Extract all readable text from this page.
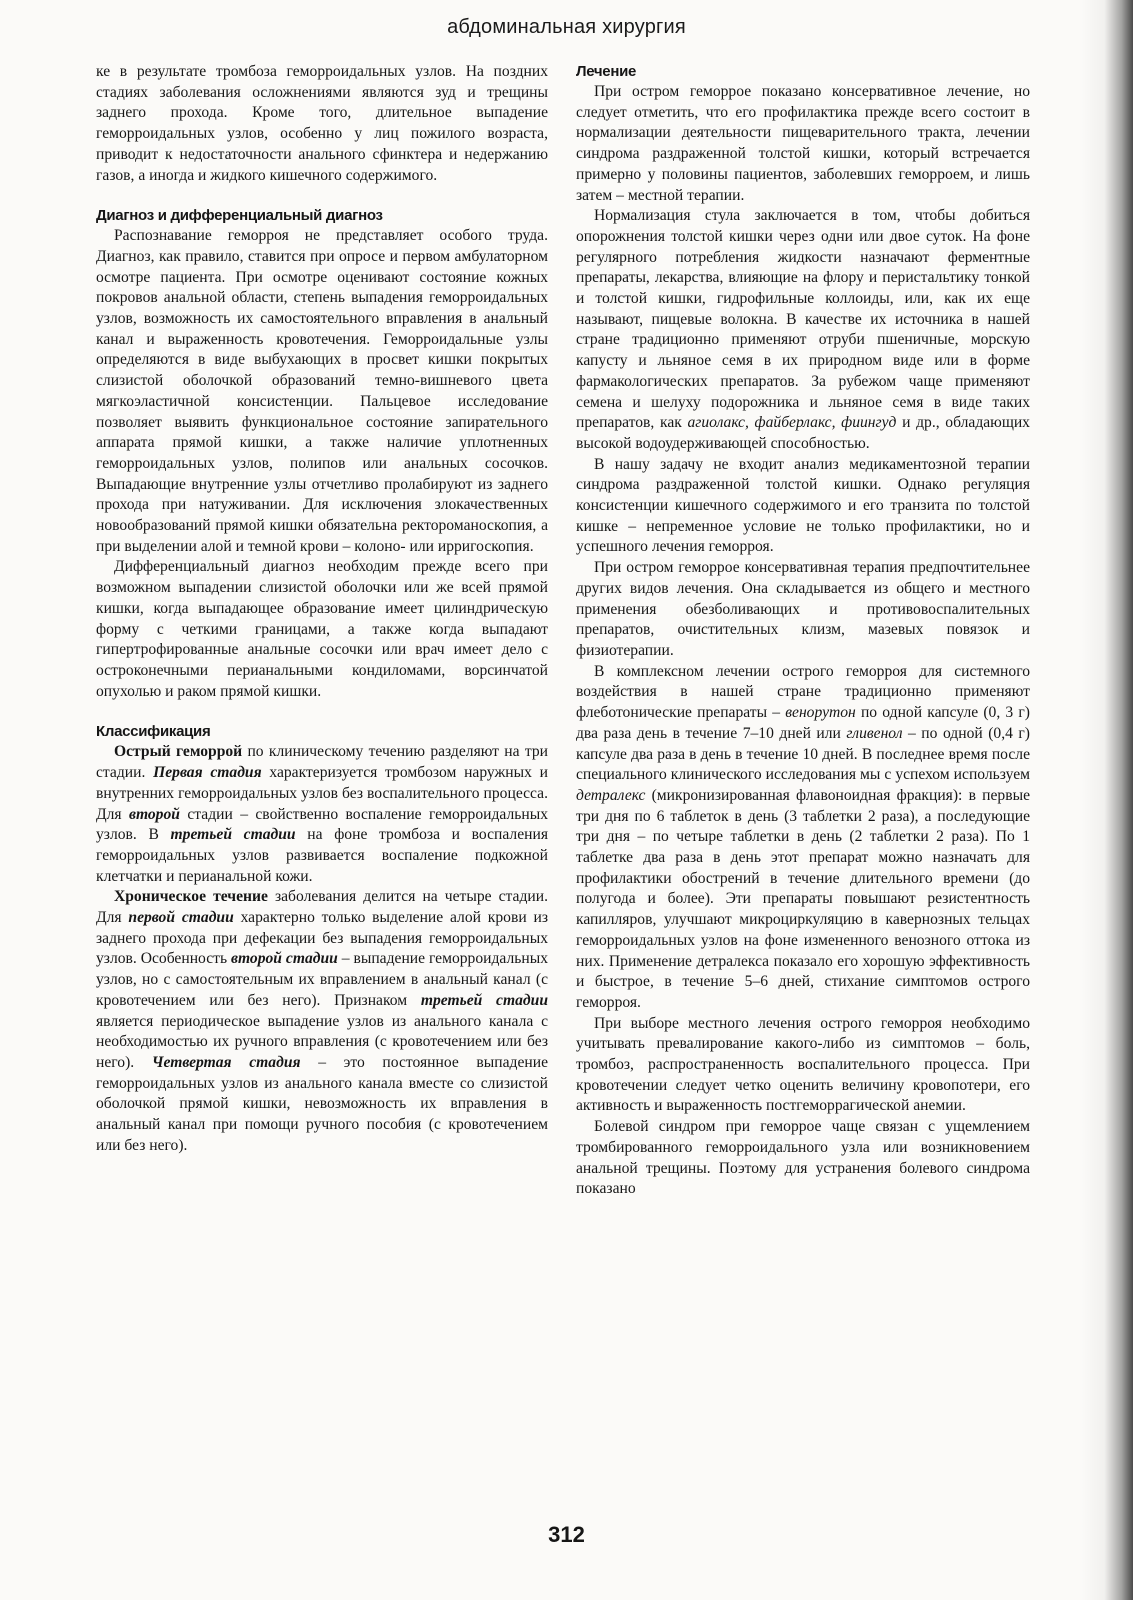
абдоминальная хирургия

ке в результате тромбоза геморроидальных узлов. На поздних стадиях заболевания осложнениями являются зуд и трещины заднего прохода. Кроме того, длительное выпадение геморроидальных узлов, особенно у лиц пожилого возраста, приводит к недостаточности анального сфинктера и недержанию газов, а иногда и жидкого кишечного содержимого.

Диагноз и дифференциальный диагноз

Распознавание геморроя не представляет особого труда. Диагноз, как правило, ставится при опросе и первом амбулаторном осмотре пациента. При осмотре оценивают состояние кожных покровов анальной области, степень выпадения геморроидальных узлов, возможность их самостоятельного вправления в анальный канал и выраженность кровотечения. Геморроидальные узлы определяются в виде выбухающих в просвет кишки покрытых слизистой оболочкой образований темно-вишневого цвета мягкоэластичной консистенции. Пальцевое исследование позволяет выявить функциональное состояние запирательного аппарата прямой кишки, а также наличие уплотненных геморроидальных узлов, полипов или анальных сосочков. Выпадающие внутренние узлы отчетливо пролабируют из заднего прохода при натуживании. Для исключения злокачественных новообразований прямой кишки обязательна ректороманоскопия, а при выделении алой и темной крови – колоно- или ирригоскопия.

Дифференциальный диагноз необходим прежде всего при возможном выпадении слизистой оболочки или же всей прямой кишки, когда выпадающее образование имеет цилиндрическую форму с четкими границами, а также когда выпадают гипертрофированные анальные сосочки или врач имеет дело с остроконечными перианальными кондиломами, ворсинчатой опухолью и раком прямой кишки.

Классификация

Острый геморрой по клиническому течению разделяют на три стадии. Первая стадия характеризуется тромбозом наружных и внутренних геморроидальных узлов без воспалительного процесса. Для второй стадии – свойственно воспаление геморроидальных узлов. В третьей стадии на фоне тромбоза и воспаления геморроидальных узлов развивается воспаление подкожной клетчатки и перианальной кожи.

Хроническое течение заболевания делится на четыре стадии. Для первой стадии характерно только выделение алой крови из заднего прохода при дефекации без выпадения геморроидальных узлов. Особенность второй стадии – выпадение геморроидальных узлов, но с самостоятельным их вправлением в анальный канал (с кровотечением или без него). Признаком третьей стадии является периодическое выпадение узлов из анального канала с необходимостью их ручного вправления (с кровотечением или без него). Четвертая стадия – это постоянное выпадение геморроидальных узлов из анального канала вместе со слизистой оболочкой прямой кишки, невозможность их вправления в анальный канал при помощи ручного пособия (с кровотечением или без него).

Лечение

При остром геморрое показано консервативное лечение, но следует отметить, что его профилактика прежде всего состоит в нормализации деятельности пищеварительного тракта, лечении синдрома раздраженной толстой кишки, который встречается примерно у половины пациентов, заболевших геморроем, и лишь затем – местной терапии.

Нормализация стула заключается в том, чтобы добиться опорожнения толстой кишки через одни или двое суток. На фоне регулярного потребления жидкости назначают ферментные препараты, лекарства, влияющие на флору и перистальтику тонкой и толстой кишки, гидрофильные коллоиды, или, как их еще называют, пищевые волокна. В качестве их источника в нашей стране традиционно применяют отруби пшеничные, морскую капусту и льняное семя в их природном виде или в форме фармакологических препаратов. За рубежом чаще применяют семена и шелуху подорожника и льняное семя в виде таких препаратов, как агиолакс, файберлакс, фиингуд и др., обладающих высокой водоудерживающей способностью.

В нашу задачу не входит анализ медикаментозной терапии синдрома раздраженной толстой кишки. Однако регуляция консистенции кишечного содержимого и его транзита по толстой кишке – непременное условие не только профилактики, но и успешного лечения геморроя.

При остром геморрое консервативная терапия предпочтительнее других видов лечения. Она складывается из общего и местного применения обезболивающих и противовоспалительных препаратов, очистительных клизм, мазевых повязок и физиотерапии.

В комплексном лечении острого геморроя для системного воздействия в нашей стране традиционно применяют флеботонические препараты – венорутон по одной капсуле (0, 3 г) два раза день в течение 7–10 дней или гливенол – по одной (0,4 г) капсуле два раза в день в течение 10 дней. В последнее время после специального клинического исследования мы с успехом используем детралекс (микронизированная флавоноидная фракция): в первые три дня по 6 таблеток в день (3 таблетки 2 раза), а последующие три дня – по четыре таблетки в день (2 таблетки 2 раза). По 1 таблетке два раза в день этот препарат можно назначать для профилактики обострений в течение длительного времени (до полугода и более). Эти препараты повышают резистентность капилляров, улучшают микроциркуляцию в кавернозных тельцах геморроидальных узлов на фоне измененного венозного оттока из них. Применение детралекса показало его хорошую эффективность и быстрое, в течение 5–6 дней, стихание симптомов острого геморроя.

При выборе местного лечения острого геморроя необходимо учитывать превалирование какого-либо из симптомов – боль, тромбоз, распространенность воспалительного процесса. При кровотечении следует четко оценить величину кровопотери, его активность и выраженность постгеморрагической анемии.

Болевой синдром при геморрое чаще связан с ущемлением тромбированного геморроидального узла или возникновением анальной трещины. Поэтому для устранения болевого синдрома показано

312
